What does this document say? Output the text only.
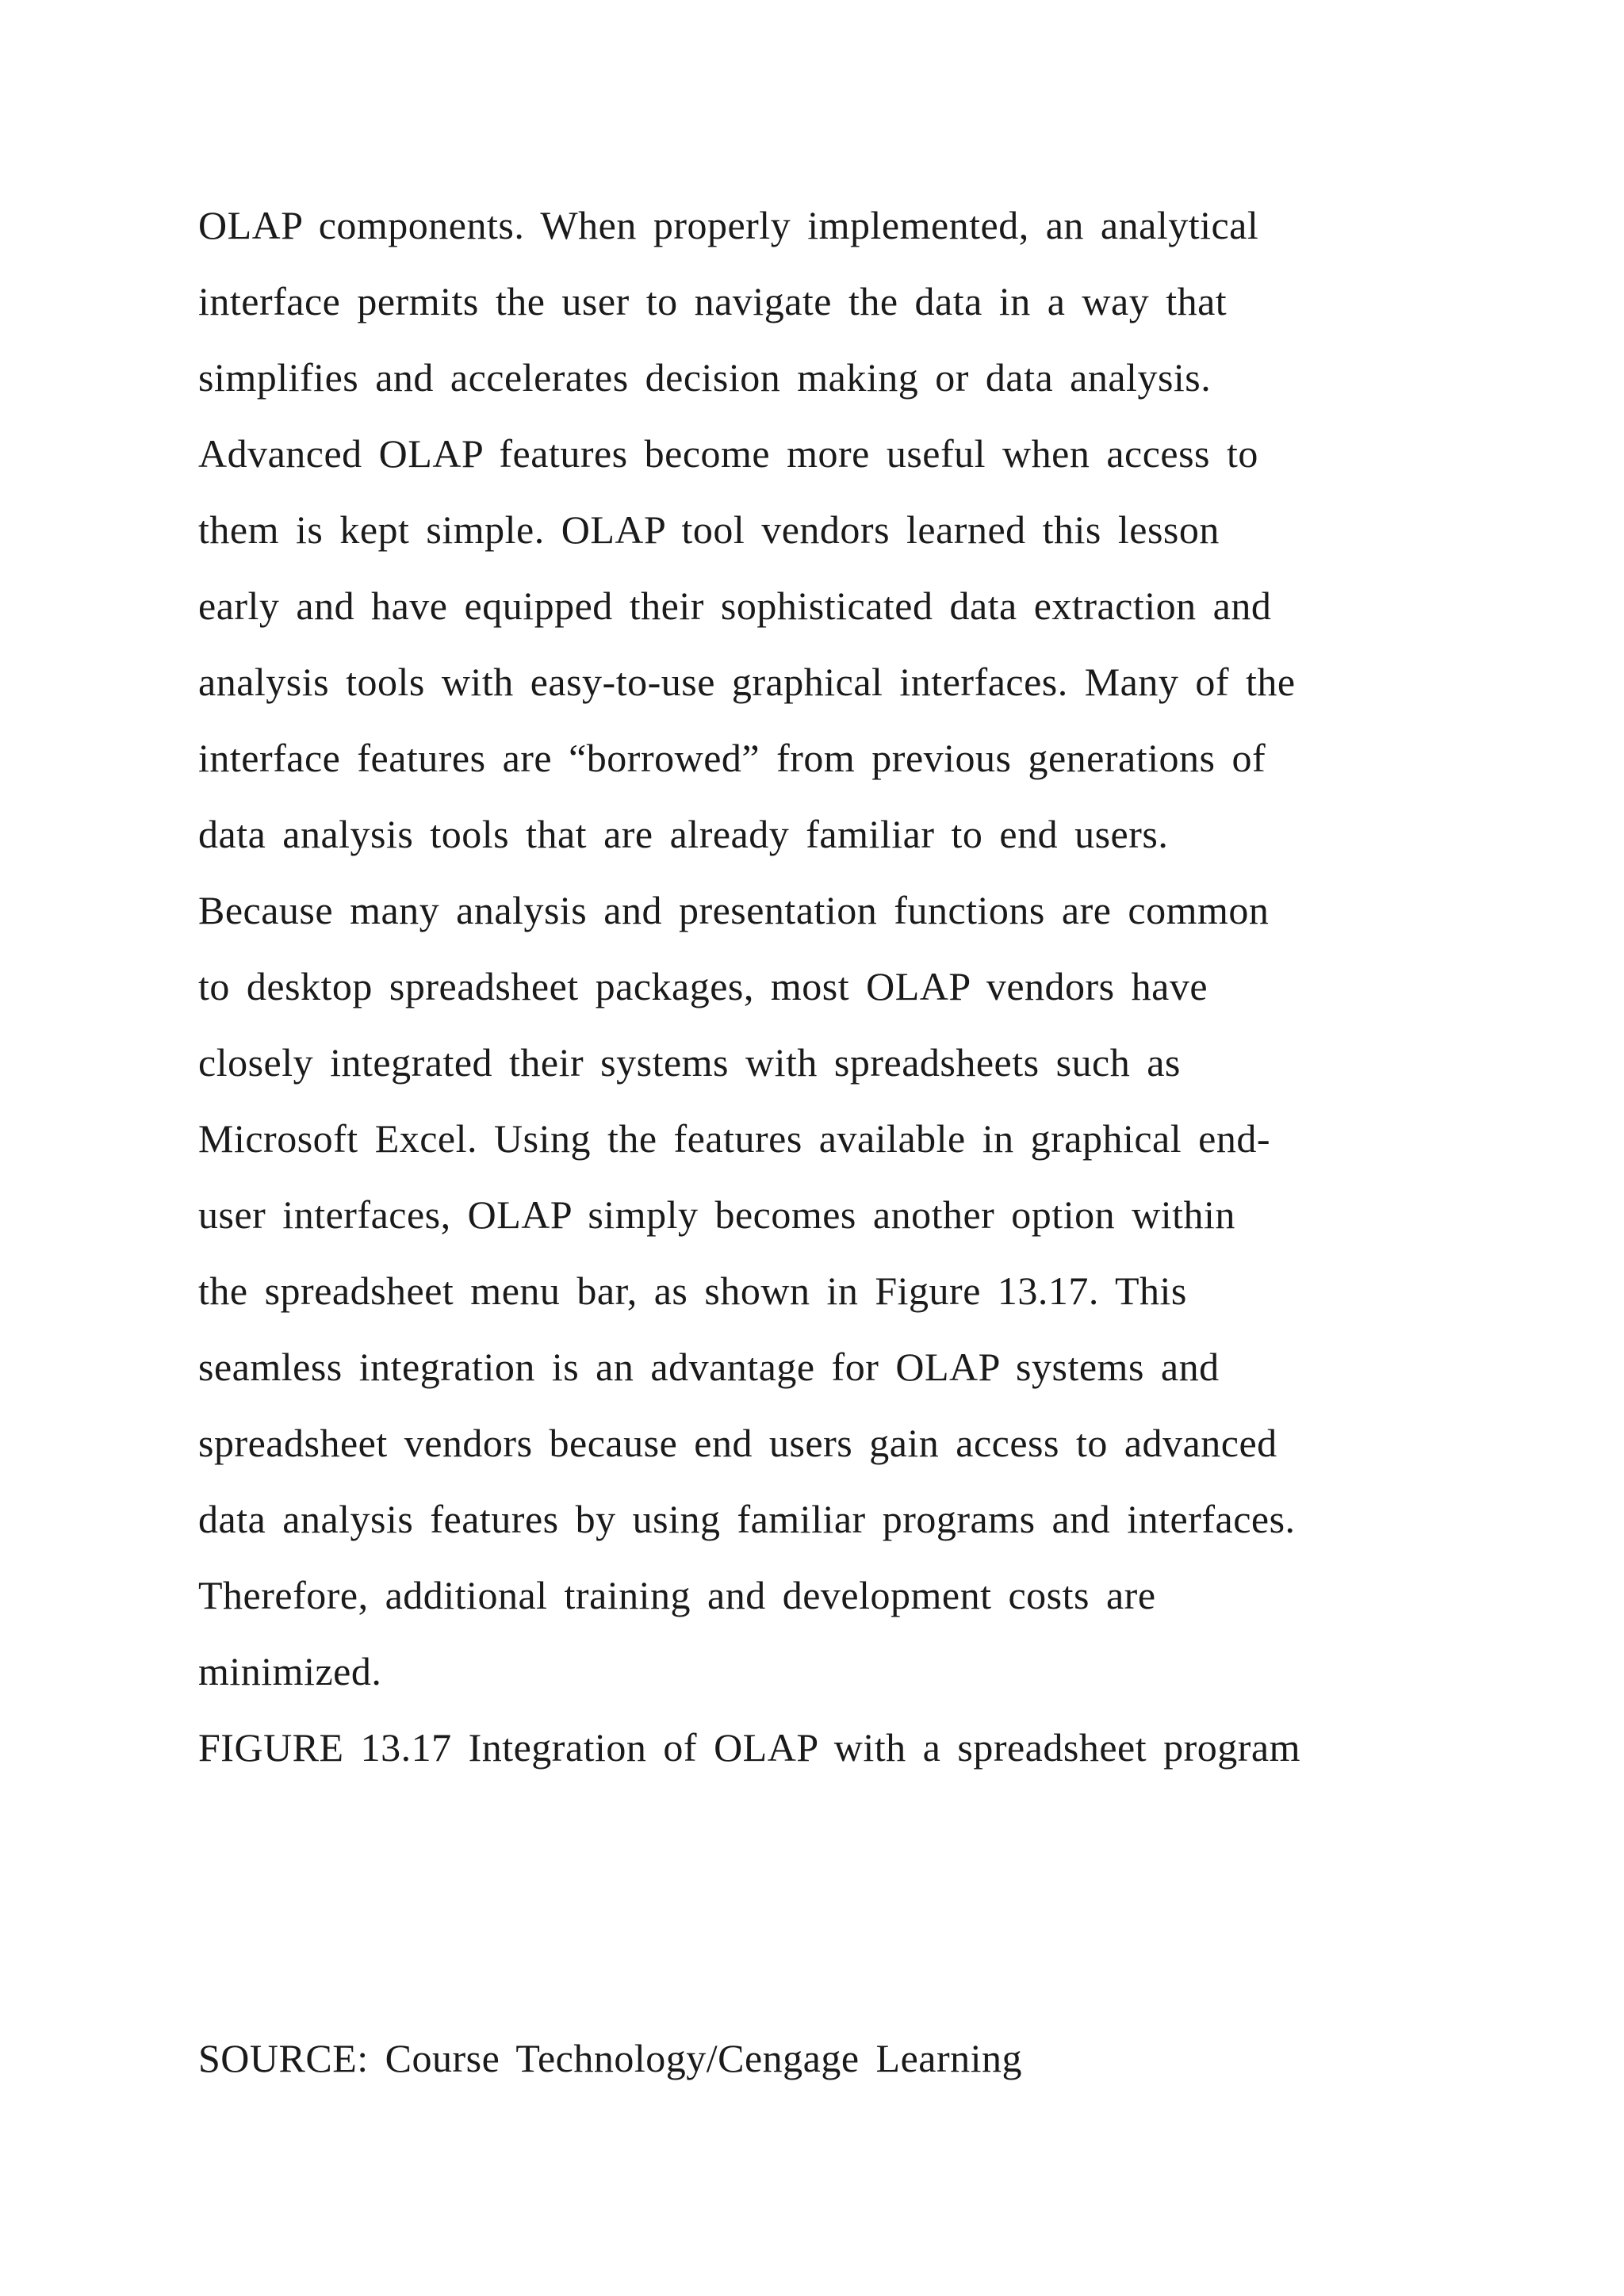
OLAP components. When properly implemented, an analytical
interface permits the user to navigate the data in a way that
simplifies and accelerates decision making or data analysis.
Advanced OLAP features become more useful when access to
them is kept simple. OLAP tool vendors learned this lesson
early and have equipped their sophisticated data extraction and
analysis tools with easy-to-use graphical interfaces. Many of the
interface features are “borrowed” from previous generations of
data analysis tools that are already familiar to end users.
Because many analysis and presentation functions are common
to desktop spreadsheet packages, most OLAP vendors have
closely integrated their systems with spreadsheets such as
Microsoft Excel. Using the features available in graphical end-
user interfaces, OLAP simply becomes another option within
the spreadsheet menu bar, as shown in Figure 13.17. This
seamless integration is an advantage for OLAP systems and
spreadsheet vendors because end users gain access to advanced
data analysis features by using familiar programs and interfaces.
Therefore, additional training and development costs are
minimized.
FIGURE 13.17 Integration of OLAP with a spreadsheet program
SOURCE: Course Technology/Cengage Learning
